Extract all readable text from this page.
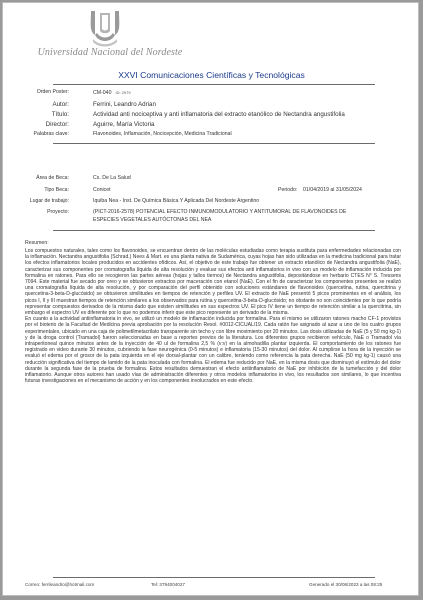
Universidad Nacional del Nordeste
XXVI Comunicaciones Científicas y Tecnológicas
Orden Poster:	CM-040 ID: 2979
Autor:	Ferrini, Leandro Adrian
Título:	Actividad anti nociceptiva y anti inflamatoria del extracto etanólico de Nectandra angustifolia
Director:	Aguirre, María Victoria
Palabras clave:	Flavonoides, Inflamación, Nocicepción, Medicina Tradicional
Área de Beca:	Cs. De La Salud
Tipo Beca:	Conicet	Periodo: 01/04/2019 al 31/05/2024
Lugar de trabajo:	Iquiba Nea - Inst. De Química Básica Y Aplicada Del Nordeste Argentino
Proyecto:	(PICT-2016-2578) POTENCIAL EFECTO INMUNOMODULATORIO Y ANTITUMORAL DE FLAVONOIDES DE
ESPECIES VEGETALES AUTÓCTONAS DEL NEA
Resumen:

Los compuestos naturales, tales como los flavonoides, se encuentran dentro de las moléculas estudiadas como terapia sustituta para enfermedades relacionadas con la inflamación. Nectandra angustifolia (Schrad.) Nees & Mart. es una planta nativa de Sudamérica, cuyas hojas han sido utilizadas en la medicina tradicional para tratar los efectos inflamatorios locales producidos en accidentes ofídicos. Así, el objetivo de este trabajo fue obtener un extracto etanólico de Nectandra angustifolia (NaE), caracterizar sus componentes por cromatografía líquida de alta resolución y evaluar sus efectos anti inflamatorios in vivo con un modelo de inflamación inducida por formalina en ratones. Para ello se recogieron las partes aéreas (hojas y tallos tiernos) de Nectandra angustifolia, depositándose en herbario CTES N° S. Tressens 7094. Este material fue secado por oreo y se obtuvieron extractos por maceración con etanol (NaE). Con el fin de caracterizar los componentes presentes se realizó una cromatografía líquida de alta resolución, y por comparación del perfil obtenido con soluciones estándares de flavonoides (quercetina, rutina, quercitrina y quercetina-3-beta-D-glucósido) se obtuvieron similitudes en tiempos de retención y perfiles UV. El extracto de NaE presentó 5 picos prominentes en el análisis, los picos I, II y III muestran tiempos de retención similares a los observados para rutina y quercetina-3-beta-D-glucósido; no obstante no son coincidentes por lo que podría representar compuestos derivados de la misma dado que existen similitudes en sus espectros UV. El pico IV tiene un tiempo de retención similar a la quercitrina, sin embargo el espectro UV es diferente por lo que no podemos inferir que este pico represente un derivado de la misma.

En cuanto a la actividad antiinflamatoria in vivo, se utilizó un modelo de inflamación inducida por formalina. Para el mismo se utilizaron ratones macho CF-1 provistos por el bioterio de la Facultad de Medicina previa aprobación por la resolución Resol. #0012-CICUAL/19. Cada ratón fue asignado al azar a uno de los cuatro grupos experimentales, ubicado en una caja de polimetilmetacrilato transparente sin techo y con libre movimiento por 20 minutos. Las dosis utilizadas de NaE (5 y 50 mg kg-1) y de la droga control (Tramadol) fueron seleccionadas en base a reportes previos de la literatura. Los diferentes grupos recibieron vehículo, NaE o Tramadol vía intraperitoneal quince minutos antes de la inyección de 40 ul de formalina 2,5 % (v:v) en la almohadilla plantar izquierda. El comportamiento de los ratones fue registrado en video durante 30 minutos, cubriendo la fase neurogénica (0-5 minutos) e inflamatoria (15-30 minutos) del dolor. Al cumplirse la hora de la inyección se evaluó el edema por el grosor de la pata izquierda en el eje dorsal-plantar con un calibre, teniendo como referencia la pata derecha. NaE (50 mg kg-1) causó una reducción significativa del tiempo de lamido de la pata inoculada con formalina. El edema fue reducido por NaE, en la misma dosis que disminuyó el estímulo del dolor durante la segunda fase de la prueba de formalina. Estos resultados demuestran el efecto antiinflamatorio de NaE por inhibición de la tumefacción y del dolor inflamatorio. Aunque otros autores han usado vías de administración diferentes y otros modelos inflamatorios in vivo, los resultados son similares, lo que incentiva futuras investigaciones en el mecanismo de acción y en los componentes involucrados en este efecto.

Correo: ferrileandro@hotmail.com	Tel: 3794004027	Generado el 30/06/2023 a las 08:25
